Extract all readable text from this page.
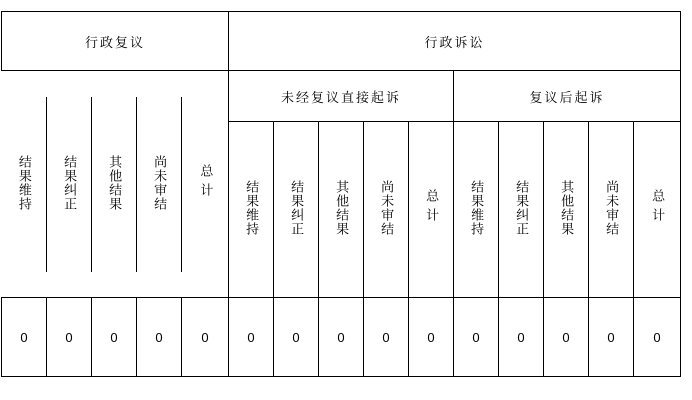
行政复议	行政诉讼

结果维持	结果纠正	其他结果	尚未审结	总计
	未经复议直接起诉	复议后起诉
结果维持	结果纠正	其他结果	尚未审结	总计	结果维持	结果纠正	其他结果	尚未审结	总计
0	0	0	0	0	0	0	0	0	0	0	0	0	0	0
